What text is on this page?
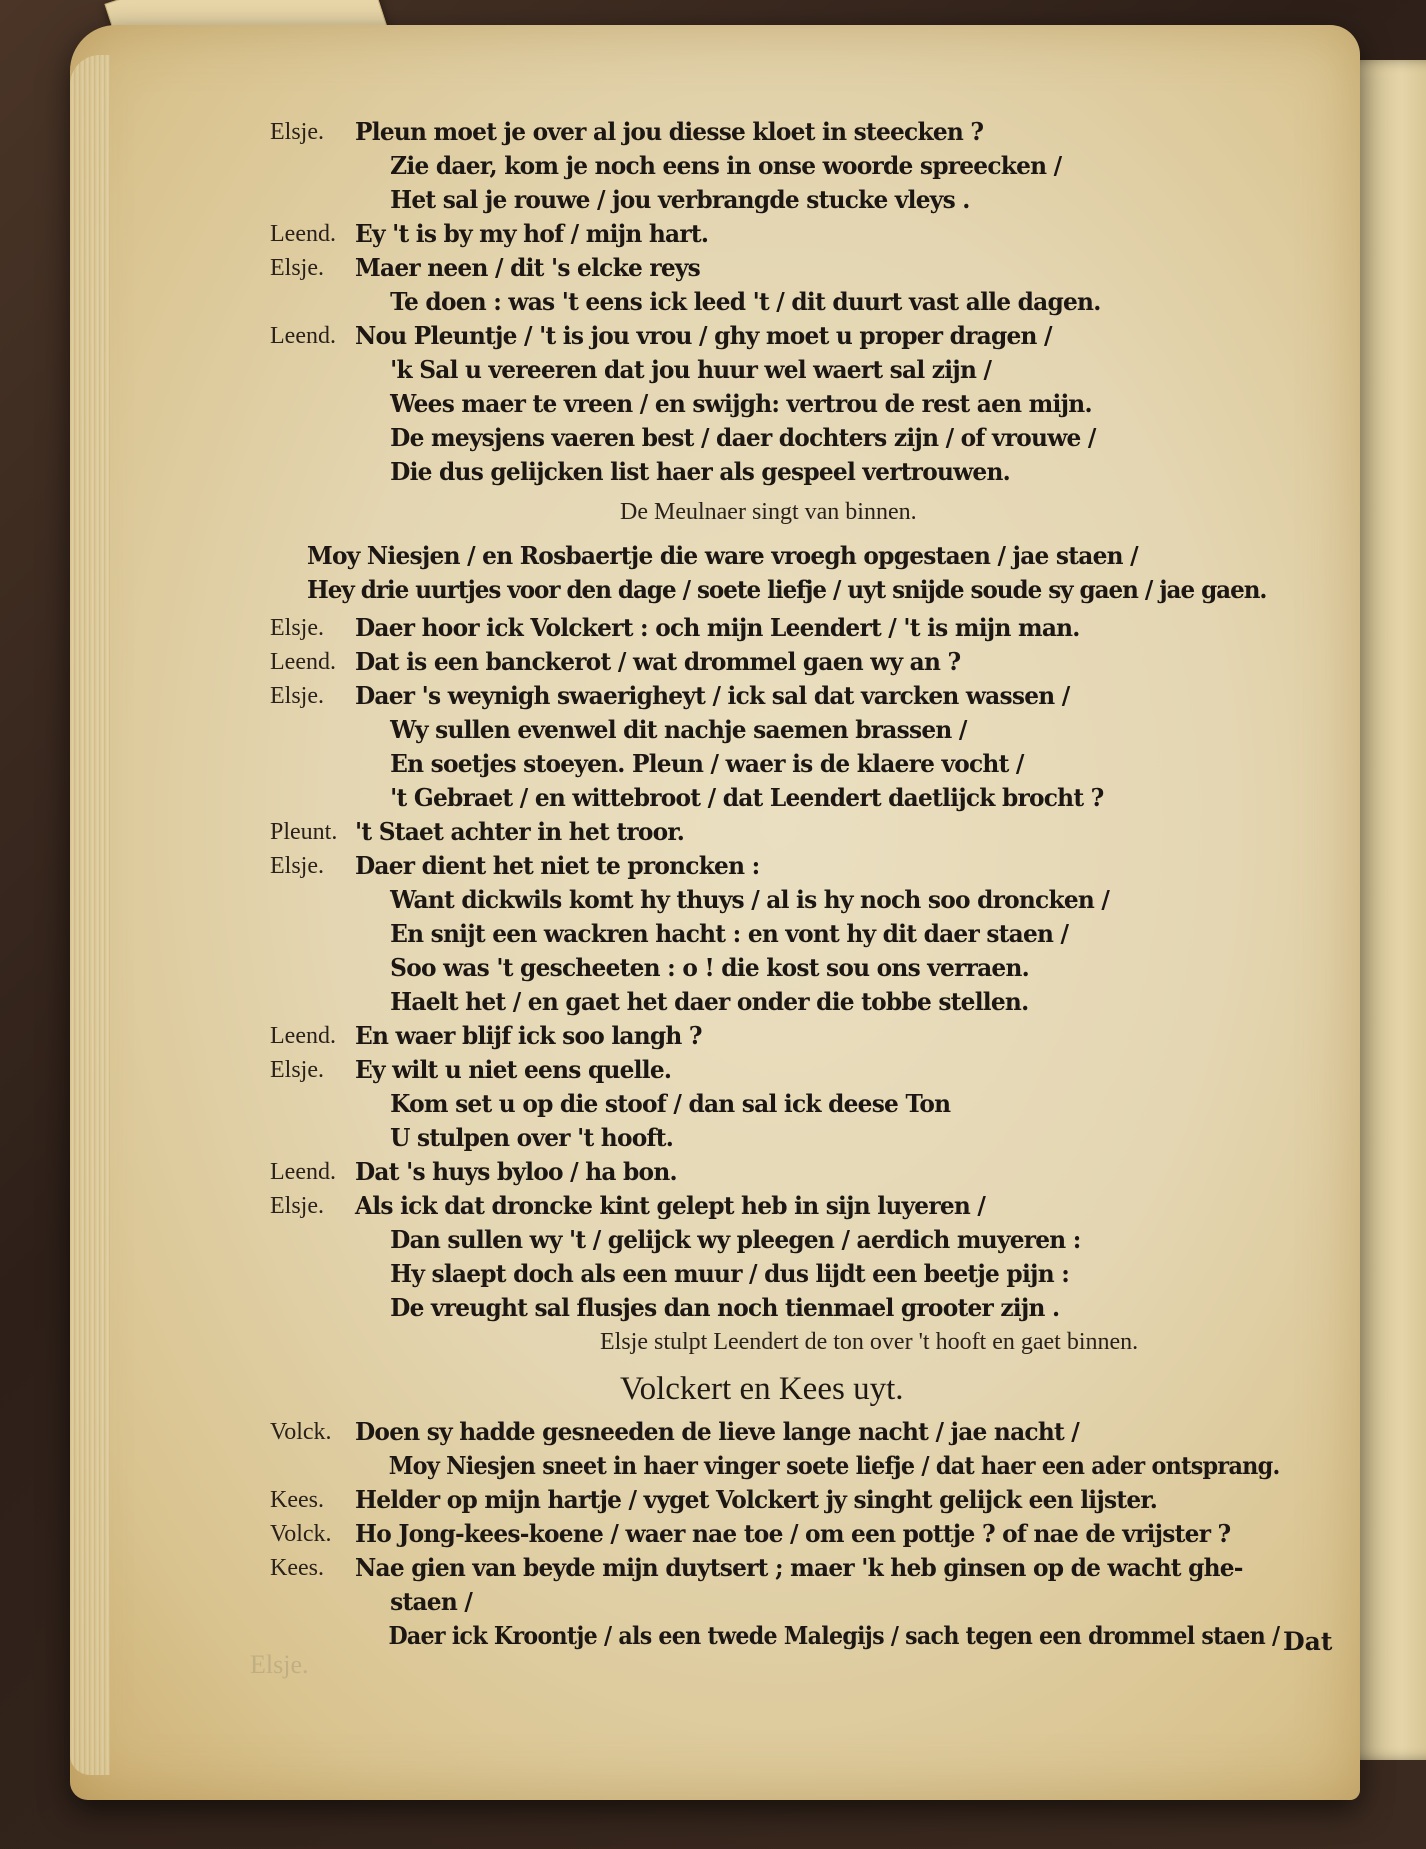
Elsje. Pleun moet je over al jou diesse kloet in steecken ?
Zie daer, kom je noch eens in onse woorde spreecken /
Het sal je rouwe / jou verbrangde stucke vleys .
Leend. Ey 't is by my hof / mijn hart.
Elsje. Maer neen / dit 's elcke reys
Te doen : was 't eens ick leed 't / dit duurt vast alle dagen.
Leend. Nou Pleuntje / 't is jou vrou / ghy moet u proper dragen /
'k Sal u vereeren dat jou huur wel waert sal zijn /
Wees maer te vreen / en swijgh: vertrou de rest aen mijn.
De meysjens vaeren best / daer dochters zijn / of vrouwe /
Die dus gelijcken list haer als gespeel vertrouwen.
De Meulnaer singt van binnen.
Moy Niesjen / en Rosbaertje die ware vroegh opgestaen / jae staen /
Hey drie uurtjes voor den dage / soete liefje / uyt snijde soude sy gaen / jae gaen.
Elsje. Daer hoor ick Volckert : och mijn Leendert / 't is mijn man.
Leend. Dat is een banckerot / wat drommel gaen wy an ?
Elsje. Daer 's weynigh swaerigheyt / ick sal dat varcken wassen /
Wy sullen evenwel dit nachje saemen brassen /
En soetjes stoeyen. Pleun / waer is de klaere vocht /
't Gebraet / en wittebroot / dat Leendert daetlijck brocht ?
Pleunt. 't Staet achter in het troor.
Elsje. Daer dient het niet te proncken :
Want dickwils komt hy thuys / al is hy noch soo droncken /
En snijt een wackren hacht : en vont hy dit daer staen /
Soo was 't gescheeten : o ! die kost sou ons verraen.
Haelt het / en gaet het daer onder die tobbe stellen.
Leend. En waer blijf ick soo langh ?
Elsje. Ey wilt u niet eens quelle.
Kom set u op die stoof / dan sal ick deese Ton
U stulpen over 't hooft.
Leend. Dat 's huys byloo / ha bon.
Elsje. Als ick dat droncke kint gelept heb in sijn luyeren /
Dan sullen wy 't / gelijck wy pleegen / aerdich muyeren :
Hy slaept doch als een muur / dus lijdt een beetje pijn :
De vreught sal flusjes dan noch tienmael grooter zijn .
Elsje stulpt Leendert de ton over 't hooft en gaet binnen.
Volckert en Kees uyt.
Volck. Doen sy hadde gesneeden de lieve lange nacht / jae nacht /
Moy Niesjen sneet in haer vinger soete liefje / dat haer een ader ontsprang.
Kees. Helder op mijn hartje / vyget Volckert jy singht gelijck een lijster.
Volck. Ho Jong-kees-koene / waer nae toe / om een pottje ? of nae de vrijster ?
Kees. Nae gien van beyde mijn duytsert ; maer 'k heb ginsen op de wacht ghe-
staen /
Daer ick Kroontje / als een twede Malegijs / sach tegen een drommel staen / Dat
Elsje.
